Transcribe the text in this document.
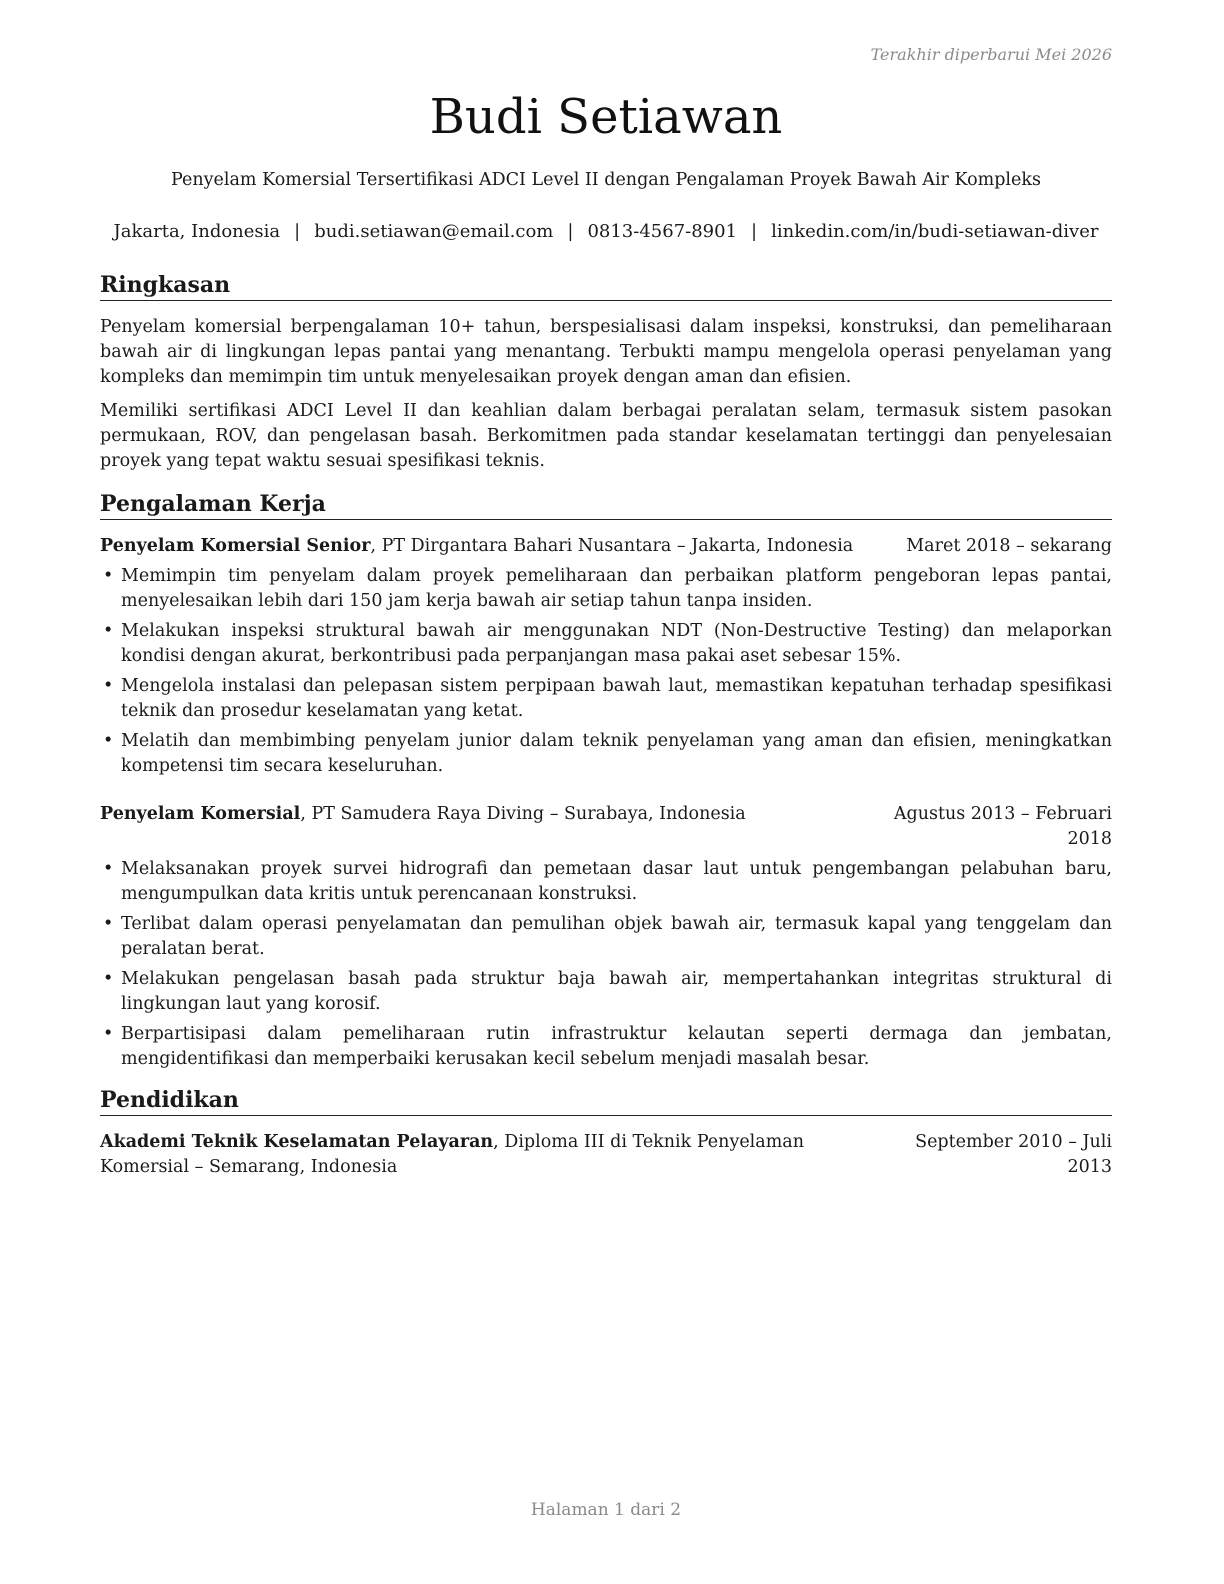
Terakhir diperbarui Mei 2026
Budi Setiawan
Penyelam Komersial Tersertifikasi ADCI Level II dengan Pengalaman Proyek Bawah Air Kompleks
Jakarta, Indonesia | budi.setiawan@email.com | 0813-4567-8901 | linkedin.com/in/budi-setiawan-diver
Ringkasan

Penyelam komersial berpengalaman 10+ tahun, berspesialisasi dalam inspeksi, konstruksi, dan pemeliharaan bawah air di lingkungan lepas pantai yang menantang. Terbukti mampu mengelola operasi penyelaman yang kompleks dan memimpin tim untuk menyelesaikan proyek dengan aman dan efisien.

Memiliki sertifikasi ADCI Level II dan keahlian dalam berbagai peralatan selam, termasuk sistem pasokan permukaan, ROV, dan pengelasan basah. Berkomitmen pada standar keselamatan tertinggi dan penyelesaian proyek yang tepat waktu sesuai spesifikasi teknis.

Pengalaman Kerja
Penyelam Komersial Senior, PT Dirgantara Bahari Nusantara – Jakarta, Indonesia	Maret 2018 – sekarang
• Memimpin tim penyelam dalam proyek pemeliharaan dan perbaikan platform pengeboran lepas pantai, menyelesaikan lebih dari 150 jam kerja bawah air setiap tahun tanpa insiden.
• Melakukan inspeksi struktural bawah air menggunakan NDT (Non-Destructive Testing) dan melaporkan kondisi dengan akurat, berkontribusi pada perpanjangan masa pakai aset sebesar 15%.
• Mengelola instalasi dan pelepasan sistem perpipaan bawah laut, memastikan kepatuhan terhadap spesifikasi teknik dan prosedur keselamatan yang ketat.
• Melatih dan membimbing penyelam junior dalam teknik penyelaman yang aman dan efisien, meningkatkan kompetensi tim secara keseluruhan.
Penyelam Komersial, PT Samudera Raya Diving – Surabaya, Indonesia	Agustus 2013 – Februari 2018
• Melaksanakan proyek survei hidrografi dan pemetaan dasar laut untuk pengembangan pelabuhan baru, mengumpulkan data kritis untuk perencanaan konstruksi.
• Terlibat dalam operasi penyelamatan dan pemulihan objek bawah air, termasuk kapal yang tenggelam dan peralatan berat.
• Melakukan pengelasan basah pada struktur baja bawah air, mempertahankan integritas struktural di lingkungan laut yang korosif.
• Berpartisipasi dalam pemeliharaan rutin infrastruktur kelautan seperti dermaga dan jembatan, mengidentifikasi dan memperbaiki kerusakan kecil sebelum menjadi masalah besar.
Pendidikan
Akademi Teknik Keselamatan Pelayaran, Diploma III di Teknik Penyelaman Komersial – Semarang, Indonesia
September 2010 – Juli 2013
Halaman 1 dari 2
